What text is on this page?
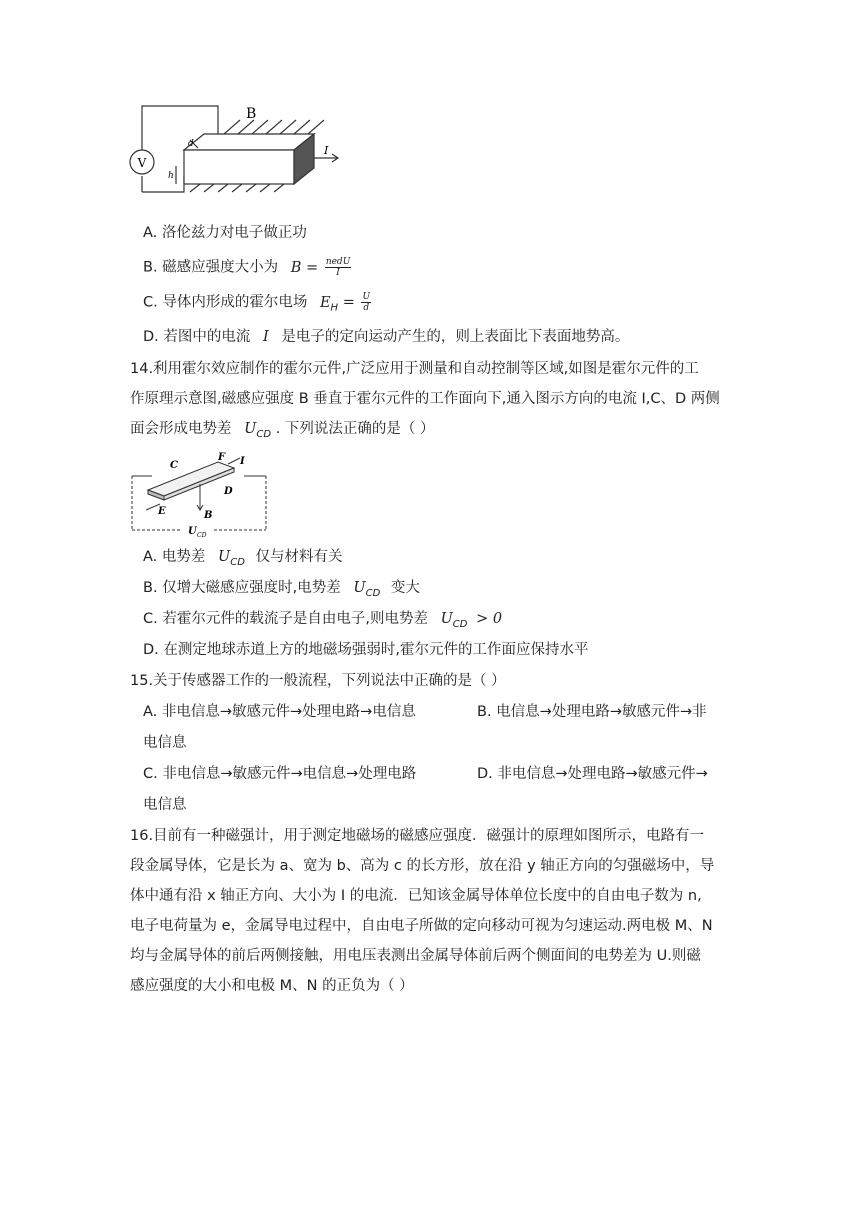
V
B
d
h
I
A. 洛伦兹力对电子做正功
B. 磁感应强度大小为 $B = \frac{\text{nedU}}{I}$
C. 导体内形成的霍尔电场 $E_H = \frac{U}{d}$
D. 若图中的电流 I 是电子的定向运动产生的，则上表面比下表面地势高。
14.利用霍尔效应制作的霍尔元件,广泛应用于测量和自动控制等区域,如图是霍尔元件的工
作原理示意图,磁感应强度 B 垂直于霍尔元件的工作面向下,通入图示方向的电流 I,C、D 两侧
面会形成电势差 $U_{CD}$ . 下列说法正确的是（ ）
C
F I
D
E	B
U CD
A. 电势差 $U_{CD}$ 仅与材料有关
B. 仅增大磁感应强度时,电势差 $U_{CD}$ 变大
C. 若霍尔元件的载流子是自由电子,则电势差 $U_{CD} > 0$
D. 在测定地球赤道上方的地磁场强弱时,霍尔元件的工作面应保持水平
15.关于传感器工作的一般流程，下列说法中正确的是（ ）
A. 非电信息→敏感元件→处理电路→电信息	B. 电信息→处理电路→敏感元件→非
电信息
C. 非电信息→敏感元件→电信息→处理电路	D. 非电信息→处理电路→敏感元件→
电信息
16.目前有一种磁强计，用于测定地磁场的磁感应强度．磁强计的原理如图所示，电路有一
段金属导体，它是长为 a、宽为 b、高为 c 的长方形，放在沿 y 轴正方向的匀强磁场中，导
体中通有沿 x 轴正方向、大小为 I 的电流．已知该金属导体单位长度中的自由电子数为 n,
电子电荷量为 e，金属导电过程中，自由电子所做的定向移动可视为匀速运动.两电极 M、N
均与金属导体的前后两侧接触，用电压表测出金属导体前后两个侧面间的电势差为 U.则磁
感应强度的大小和电极 M、N 的正负为（ ）
